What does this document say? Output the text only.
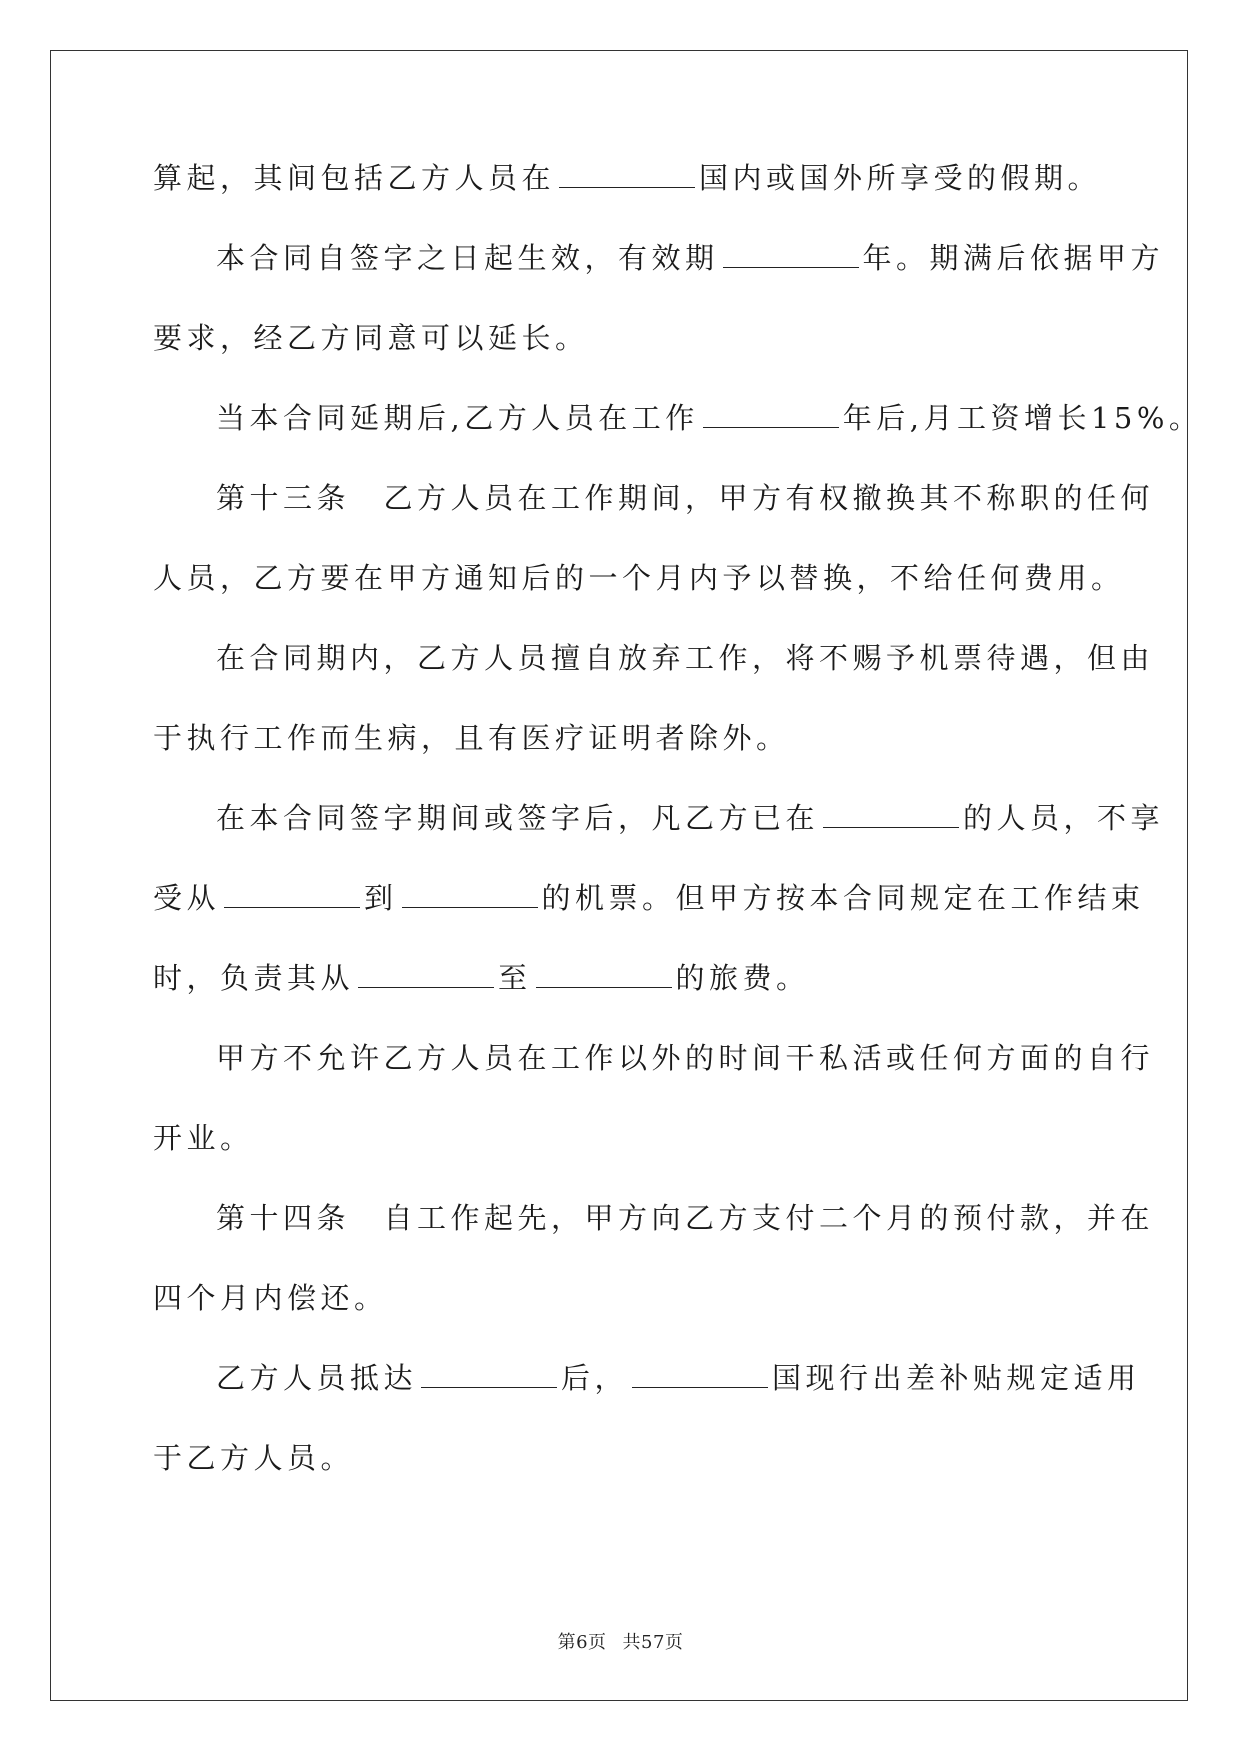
算起，其间包括乙方人员在	国内或国外所享受的假期。
本合同自签字之日起生效，有效期	年。期满后依据甲方
要求，经乙方同意可以延长。
当本合同延期后,乙方人员在工作	年后,月工资增长15%。
第十三条　乙方人员在工作期间，甲方有权撤换其不称职的任何
人员，乙方要在甲方通知后的一个月内予以替换，不给任何费用。
在合同期内，乙方人员擅自放弃工作，将不赐予机票待遇，但由
于执行工作而生病，且有医疗证明者除外。
在本合同签字期间或签字后，凡乙方已在	的人员，不享
受从	到	的机票。但甲方按本合同规定在工作结束
时，负责其从	至	的旅费。
甲方不允许乙方人员在工作以外的时间干私活或任何方面的自行
开业。
第十四条　自工作起先，甲方向乙方支付二个月的预付款，并在
四个月内偿还。
乙方人员抵达	后，	国现行出差补贴规定适用
于乙方人员。
第6页 共57页
